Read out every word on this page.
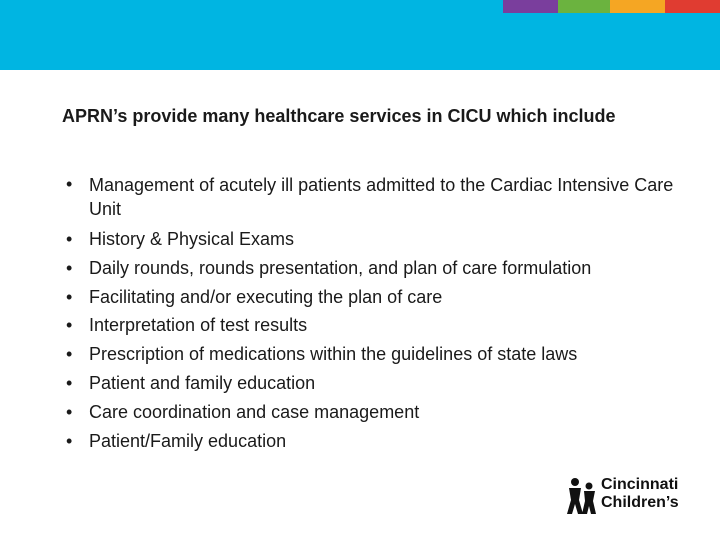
APRN’s provide many healthcare services in CICU which include
• Management of acutely ill patients admitted to the Cardiac Intensive Care Unit
• History & Physical Exams
• Daily rounds, rounds presentation, and plan of care formulation
• Facilitating and/or executing the plan of care
• Interpretation of test results
• Prescription of medications within the guidelines of state laws
• Patient and family education
• Care coordination and case management
• Patient/Family education
Cincinnati
Children’s
